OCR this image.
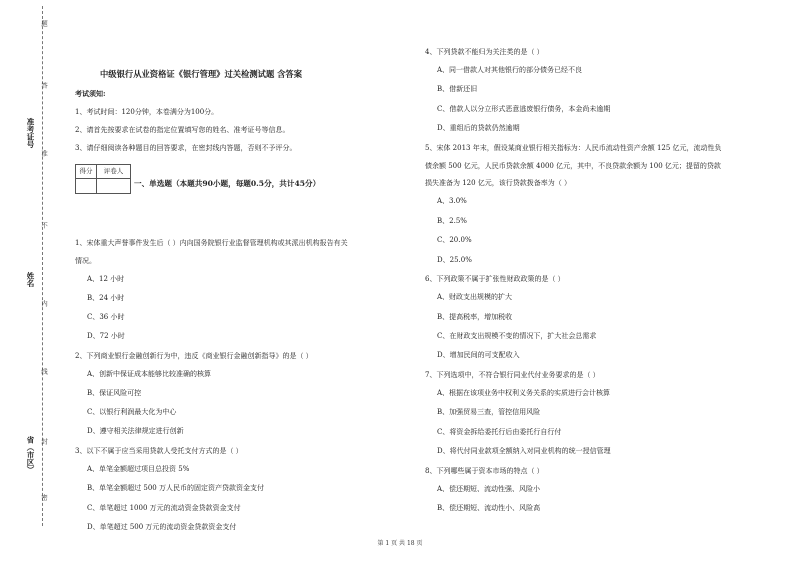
题
答
不
内
线
封
密
准
准考证号
姓名
省（市区）
中级银行从业资格证《银行管理》过关检测试题 含答案
考试须知:
1、考试时间：120分钟，本卷满分为100分。
2、请首先按要求在试卷的指定位置填写您的姓名、准考证号等信息。
3、请仔细阅读各种题目的回答要求，在密封线内答题，否则不予评分。
得分	评卷人
一、单选题（本题共90小题，每题0.5分，共计45分）
1、宋体重大声誉事件发生后（ ）内向国务院银行业监督管理机构或其派出机构报告有关
情况。
A、12 小时
B、24 小时
C、36 小时
D、72 小时
2、下列商业银行金融创新行为中，违反《商业银行金融创新指导》的是（ ）
A、创新中保证成本能够比较准确的核算
B、保证风险可控
C、以银行利润最大化为中心
D、遵守相关法律规定进行创新
3、以下不属于应当采用贷款人受托支付方式的是（ ）
A、单笔金额超过项目总投资 5%
B、单笔金额超过 500 万人民币的固定资产贷款资金支付
C、单笔超过 1000 万元的流动资金贷款资金支付
D、单笔超过 500 万元的流动资金贷款资金支付
4、下列贷款不能归为关注类的是（ ）
A、同一借款人对其他银行的部分债务已经不良
B、借新还旧
C、借款人以分立形式恶意逃废银行债务，本金尚未逾期
D、重组后的贷款仍然逾期
5、宋体 2013 年末，假设某商业银行相关指标为：人民币流动性资产余额 125 亿元，流动性负
债余额 500 亿元，人民币贷款余额 4000 亿元，其中，不良贷款余额为 100 亿元；提留的贷款
损失准备为 120 亿元，该行贷款拨备率为（ ）
A、3.0%
B、2.5%
C、20.0%
D、25.0%
6、下列政策不属于扩张性财政政策的是（ ）
A、财政支出规模的扩大
B、提高税率，增加税收
C、在财政支出规模不变的情况下，扩大社会总需求
D、增加民间的可支配收入
7、下列选项中，不符合银行同业代付业务要求的是（ ）
A、根据在该项业务中权利义务关系的实质进行会计核算
B、加强贸易三查，管控信用风险
C、将资金拆给委托行后由委托行自行付
D、将代付同业款项全额纳入对同业机构的统一授信管理
8、下列哪些属于资本市场的特点（ ）
A、偿还期短、流动性强、风险小
B、偿还期短、流动性小、风险高
第 1 页 共 18 页
